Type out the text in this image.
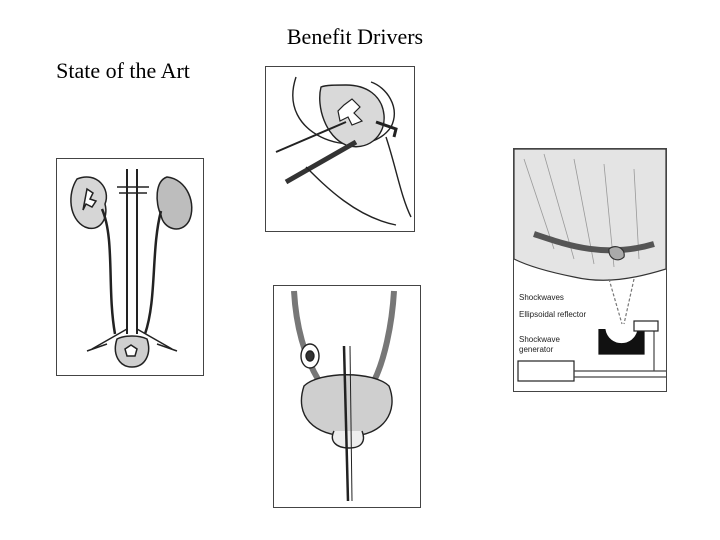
Benefit Drivers
State of the Art
Shockwaves
Ellipsoidal reflector
Shockwave generator
